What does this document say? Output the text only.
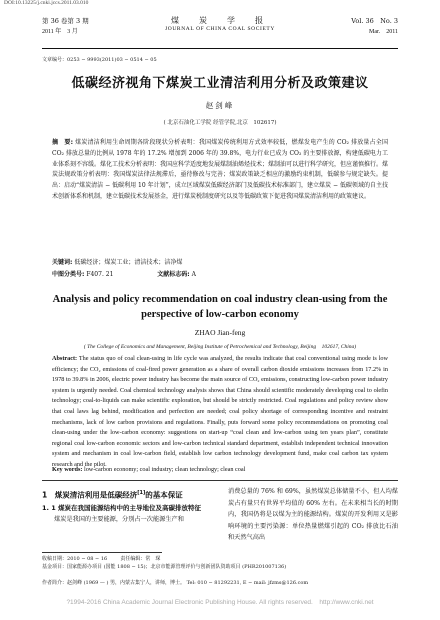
DOI:10.13225/j.cnki.jccs.2011.03.010
第 36 卷第 3 期	煤　炭　学　报	Vol. 36　No. 3
2011 年　3 月	JOURNAL OF CHINA COAL SOCIETY	Mar.　2011
文章编号：0253 − 9993(2011)03 − 0514 − 05
低碳经济视角下煤炭工业清洁利用分析及政策建议
赵剑峰
( 北京石油化工学院 经管学院,北京　102617)
摘　要: 煤炭清洁利用生命周期各阶段现状分析表明：我国煤炭传统利用方式效率较低，燃煤发电产生的 CO₂ 排放量占全国 CO₂ 排放总量的比例从 1978 年的 17.2% 增加到 2006 年的 39.8%，电力行业已成为 CO₂ 的主要排放源，构建低碳电力工业体系刻不容缓。煤化工技术分析表明：我国应科学适度地发展煤制油烯烃技术；煤制油可以进行科学研究，但应谨慎推行。煤炭法规政策分析表明：我国煤炭法律法规滞后，亟待修改与完善；煤炭政策缺乏相应的激励约束机制，低碳参与规定缺失。提出：启动“煤炭清洁 − 低碳利用 10 年计划”，成立区域煤炭低碳经济部门及低碳技术标准部门，建立煤炭 − 低碳领域的自主技术创新体系和机制，建立低碳技术发展基金，进行煤炭税制度研究以及等低碳政策下促进我国煤炭清洁利用的政策建议。
关键词: 低碳经济；煤炭工业；清洁技术；洁净煤
中图分类号: F407. 21	文献标志码: A
Analysis and policy recommendation on coal industry clean-using from the perspective of low-carbon economy
ZHAO Jian-feng
( The College of Economics and Management, Beijing Institute of Petrochemical and Technology, Beijing　102617, China)
Abstract: The status quo of coal clean-using in life cycle was analyzed, the results indicate that coal conventional using mode is low efficiency; the CO₂ emissions of coal-fired power generation as a share of overall carbon dioxide emissions increases from 17.2% in 1978 to 39.8% in 2006, electric power industry has become the main source of CO₂ emissions, constructing low-carbon power industry system is urgently needed. Coal chemical technology analysis shows that China should scientific moderately developing coal to olefin technology; coal-to-liquids can make scientific exploration, but should be strictly restricted. Coal regulations and policy review show that coal laws lag behind, modification and perfection are needed; coal policy shortage of corresponding incentive and restraint mechanisms, lack of low carbon provisions and regulations. Finally, puts forward some policy recommendations on promoting coal clean-using under the low-carbon economy: suggestions on start-up “coal clean and low-carbon using ten years plan”, constitute regional coal low-carbon economic sectors and low-carbon technical standard department, establish independent technical innovation system and mechanism in coal low-carbon field, establish low carbon technology development fund, make coal carbon tax system research and the pilot.
Key words: low-carbon economy; coal industry; clean technology; clean coal
1　煤炭清洁利用是低碳经济[1]的基本保证
1. 1 煤炭在我国能源结构中的主导地位及高碳排放特征
煤炭是我国的主要能源，分别占一次能源生产和
消费总量的 76% 和 69%，虽然煤炭总体储量不小，但人均煤炭占有量只有世界平均值的 60% 左右。在未来相当长的时期内，我国仍将是以煤为主的能源结构。煤炭的开发利用又是影响环境的主要污染源：单位热量燃煤引起的 CO₂ 排放比石油和天然气高出
收稿日期：2010 − 08 − 16	责任编辑：常　琛
基金项目：国家能源办项目 (国能 1808 − 15)；北京市能源管理评价与创新团队资助项目 (PHR201007136)
作者简介：赵剑峰 (1969 — ) 男，内蒙古集宁人，讲师，博士。 Tel: 010 − 81292231, E − mail: jfzms@126.com
?1994-2016 China Academic Journal Electronic Publishing House. All rights reserved.　http://www.cnki.net
